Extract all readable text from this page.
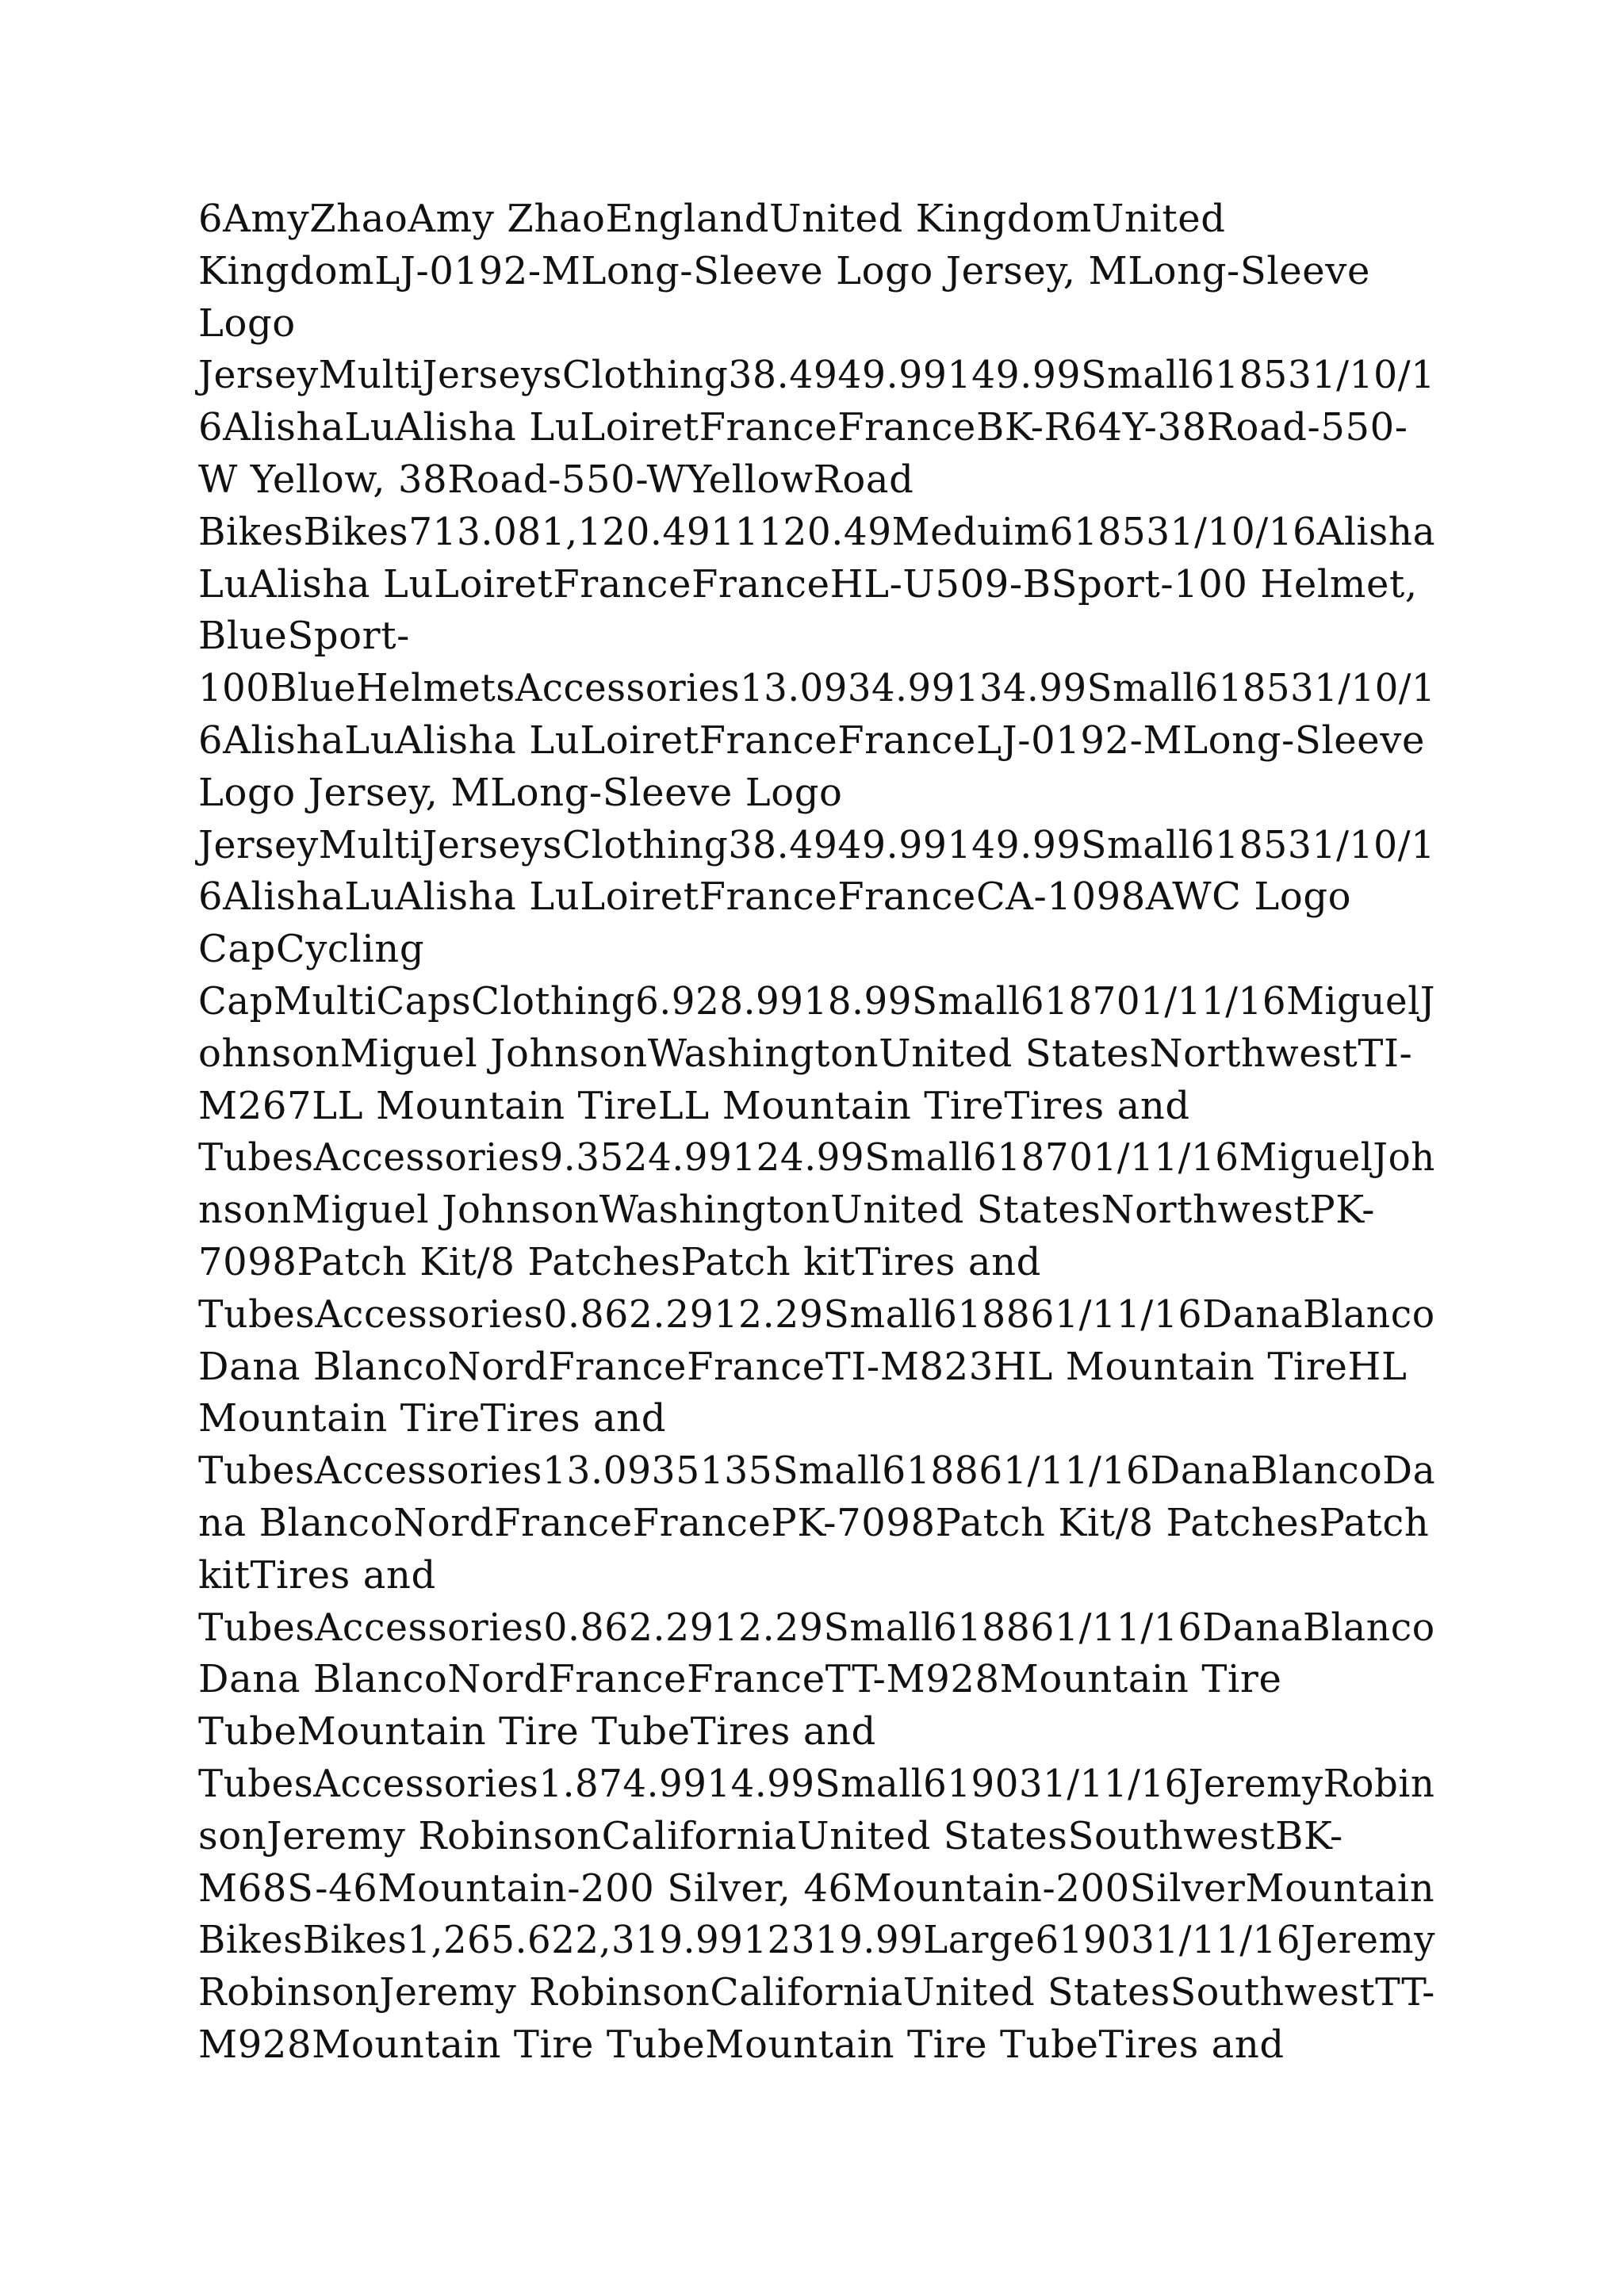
6AmyZhaoAmy ZhaoEnglandUnited KingdomUnited
KingdomLJ-0192-MLong-Sleeve Logo Jersey, MLong-Sleeve
Logo
JerseyMultiJerseysClothing38.4949.99149.99Small618531/10/1
6AlishaLuAlisha LuLoiretFranceFranceBK-R64Y-38Road-550-
W Yellow, 38Road-550-WYellowRoad
BikesBikes713.081,120.4911120.49Meduim618531/10/16Alisha
LuAlisha LuLoiretFranceFranceHL-U509-BSport-100 Helmet,
BlueSport-
100BlueHelmetsAccessories13.0934.99134.99Small618531/10/1
6AlishaLuAlisha LuLoiretFranceFranceLJ-0192-MLong-Sleeve
Logo Jersey, MLong-Sleeve Logo
JerseyMultiJerseysClothing38.4949.99149.99Small618531/10/1
6AlishaLuAlisha LuLoiretFranceFranceCA-1098AWC Logo
CapCycling
CapMultiCapsClothing6.928.9918.99Small618701/11/16MiguelJ
ohnsonMiguel JohnsonWashingtonUnited StatesNorthwestTI-
M267LL Mountain TireLL Mountain TireTires and
TubesAccessories9.3524.99124.99Small618701/11/16MiguelJoh
nsonMiguel JohnsonWashingtonUnited StatesNorthwestPK-
7098Patch Kit/8 PatchesPatch kitTires and
TubesAccessories0.862.2912.29Small618861/11/16DanaBlanco
Dana BlancoNordFranceFranceTI-M823HL Mountain TireHL
Mountain TireTires and
TubesAccessories13.0935135Small618861/11/16DanaBlancoDa
na BlancoNordFranceFrancePK-7098Patch Kit/8 PatchesPatch
kitTires and
TubesAccessories0.862.2912.29Small618861/11/16DanaBlanco
Dana BlancoNordFranceFranceTT-M928Mountain Tire
TubeMountain Tire TubeTires and
TubesAccessories1.874.9914.99Small619031/11/16JeremyRobin
sonJeremy RobinsonCaliforniaUnited StatesSouthwestBK-
M68S-46Mountain-200 Silver, 46Mountain-200SilverMountain
BikesBikes1,265.622,319.9912319.99Large619031/11/16Jeremy
RobinsonJeremy RobinsonCaliforniaUnited StatesSouthwestTT-
M928Mountain Tire TubeMountain Tire TubeTires and
